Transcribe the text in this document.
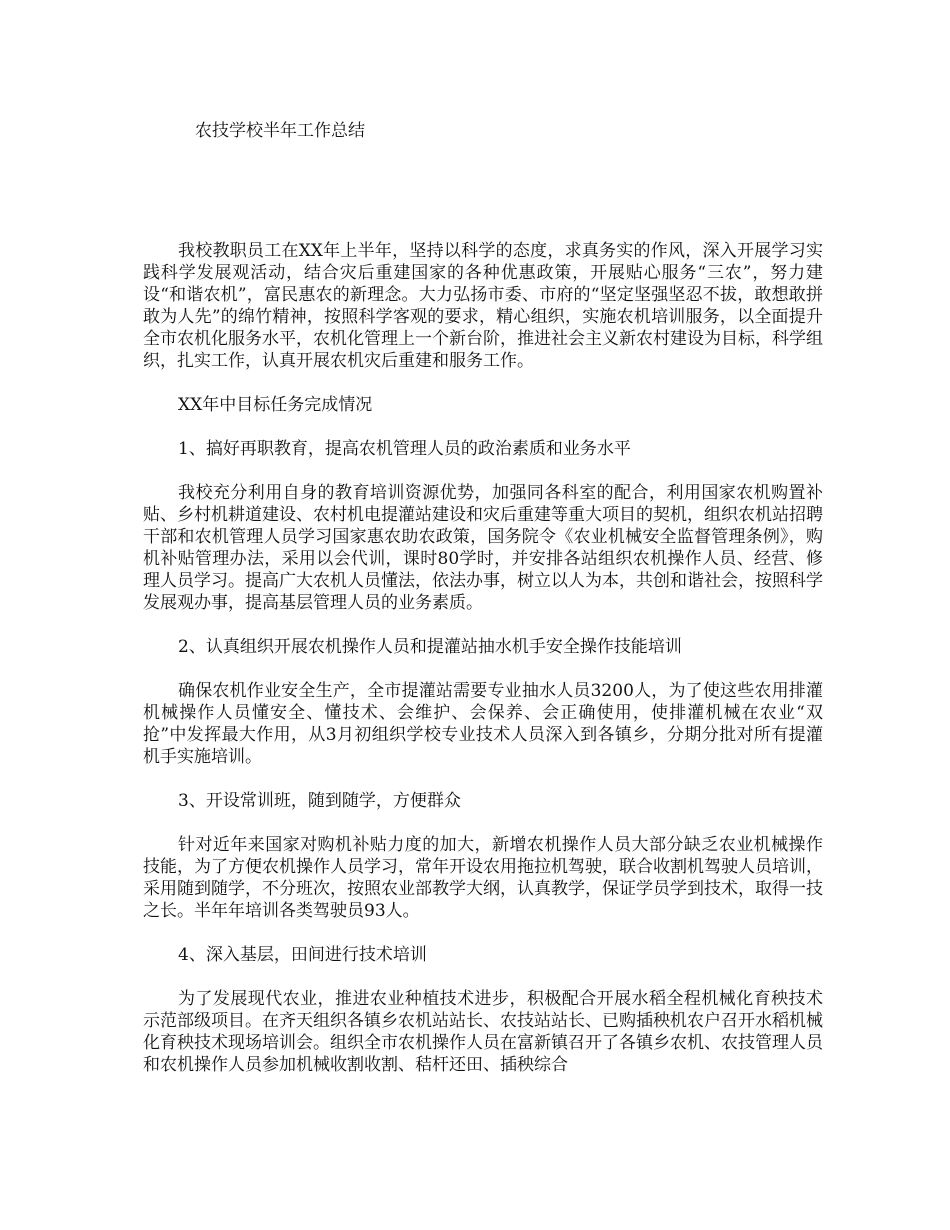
农技学校半年工作总结

我校教职员工在XX年上半年，坚持以科学的态度，求真务实的作风，深入开展学习实践科学发展观活动，结合灾后重建国家的各种优惠政策，开展贴心服务“三农”，努力建设“和谐农机”，富民惠农的新理念。大力弘扬市委、市府的“坚定坚强坚忍不拔，敢想敢拼敢为人先”的绵竹精神，按照科学客观的要求，精心组织，实施农机培训服务，以全面提升全市农机化服务水平，农机化管理上一个新台阶，推进社会主义新农村建设为目标，科学组织，扎实工作，认真开展农机灾后重建和服务工作。

XX年中目标任务完成情况

1、搞好再职教育，提高农机管理人员的政治素质和业务水平

我校充分利用自身的教育培训资源优势，加强同各科室的配合，利用国家农机购置补贴、乡村机耕道建设、农村机电提灌站建设和灾后重建等重大项目的契机，组织农机站招聘干部和农机管理人员学习国家惠农助农政策，国务院令《农业机械安全监督管理条例》，购机补贴管理办法，采用以会代训，课时80学时，并安排各站组织农机操作人员、经营、修理人员学习。提高广大农机人员懂法，依法办事，树立以人为本，共创和谐社会，按照科学发展观办事，提高基层管理人员的业务素质。

2、认真组织开展农机操作人员和提灌站抽水机手安全操作技能培训

确保农机作业安全生产，全市提灌站需要专业抽水人员3200人，为了使这些农用排灌机械操作人员懂安全、懂技术、会维护、会保养、会正确使用，使排灌机械在农业“双抢”中发挥最大作用，从3月初组织学校专业技术人员深入到各镇乡，分期分批对所有提灌机手实施培训。

3、开设常训班，随到随学，方便群众

针对近年来国家对购机补贴力度的加大，新增农机操作人员大部分缺乏农业机械操作技能，为了方便农机操作人员学习，常年开设农用拖拉机驾驶，联合收割机驾驶人员培训，采用随到随学，不分班次，按照农业部教学大纲，认真教学，保证学员学到技术，取得一技之长。半年年培训各类驾驶员93人。

4、深入基层，田间进行技术培训

为了发展现代农业，推进农业种植技术进步，积极配合开展水稻全程机械化育秧技术示范部级项目。在齐天组织各镇乡农机站站长、农技站站长、已购插秧机农户召开水稻机械化育秧技术现场培训会。组织全市农机操作人员在富新镇召开了各镇乡农机、农技管理人员和农机操作人员参加机械收割收割、秸杆还田、插秧综合
